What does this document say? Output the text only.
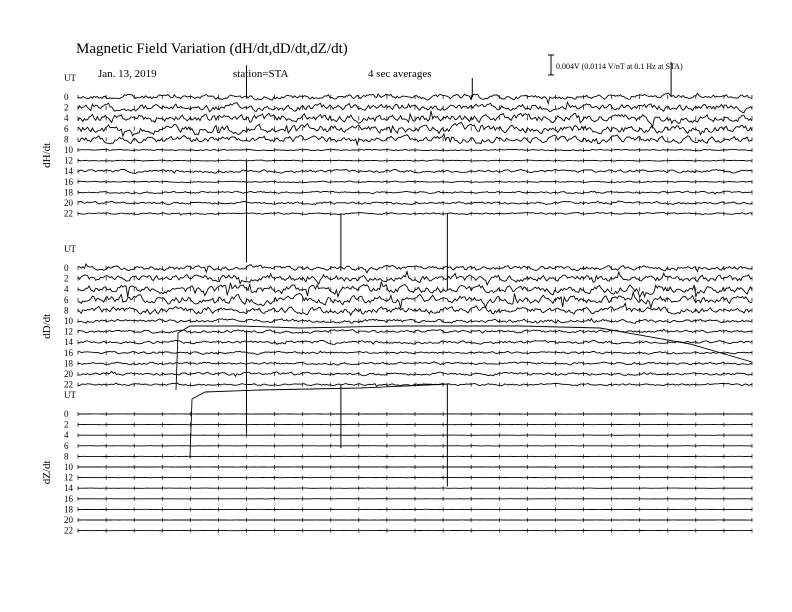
Magnetic Field Variation (dH/dt,dD/dt,dZ/dt)
Jan. 13, 2019	station=STA	4 sec averages
0.004V (0.0114 V/nT at 0.1 Hz at STA)
UT
dH/dt
0
2
4
6
8
10
12
14
16
18
20
22
UT
dD/dt
0
2
4
6
8
10
12
14
16
18
20
22
UT
dZ/dt
0
2
4
6
8
10
12
14
16
18
20
22
